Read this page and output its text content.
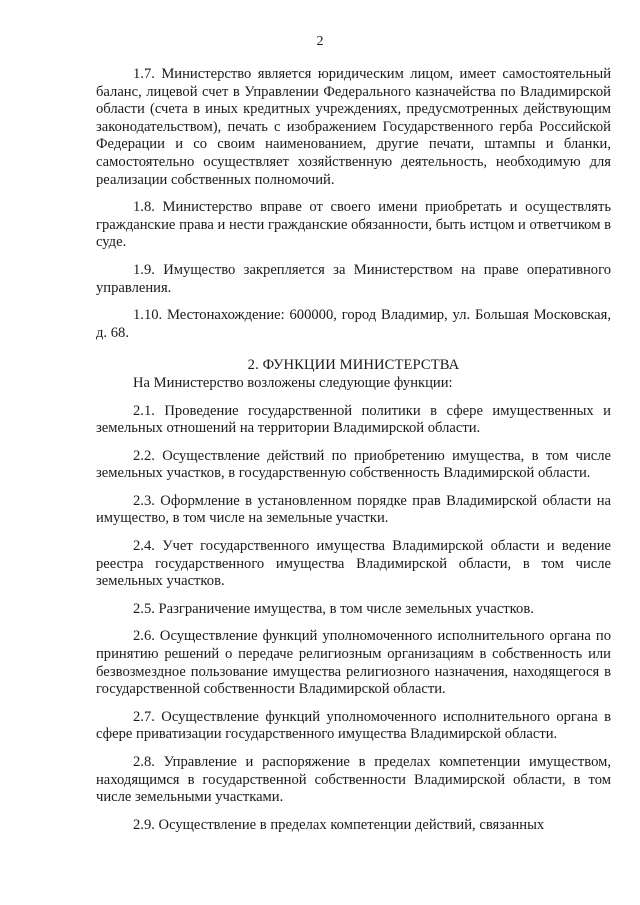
2

1.7. Министерство является юридическим лицом, имеет самостоятельный баланс, лицевой счет в Управлении Федерального казначейства по Владимирской области (счета в иных кредитных учреждениях, предусмотренных действующим законодательством), печать с изображением Государственного герба Российской Федерации и со своим наименованием, другие печати, штампы и бланки, самостоятельно осуществляет хозяйственную деятельность, необходимую для реализации собственных полномочий.

1.8. Министерство вправе от своего имени приобретать и осуществлять гражданские права и нести гражданские обязанности, быть истцом и ответчиком в суде.

1.9. Имущество закрепляется за Министерством на праве оперативного управления.

1.10. Местонахождение: 600000, город Владимир, ул. Большая Московская, д. 68.

2. ФУНКЦИИ МИНИСТЕРСТВА

На Министерство возложены следующие функции:

2.1. Проведение государственной политики в сфере имущественных и земельных отношений на территории Владимирской области.

2.2. Осуществление действий по приобретению имущества, в том числе земельных участков, в государственную собственность Владимирской области.

2.3. Оформление в установленном порядке прав Владимирской области на имущество, в том числе на земельные участки.

2.4. Учет государственного имущества Владимирской области и ведение реестра государственного имущества Владимирской области, в том числе земельных участков.

2.5. Разграничение имущества, в том числе земельных участков.

2.6. Осуществление функций уполномоченного исполнительного органа по принятию решений о передаче религиозным организациям в собственность или безвозмездное пользование имущества религиозного назначения, находящегося в государственной собственности Владимирской области.

2.7. Осуществление функций уполномоченного исполнительного органа в сфере приватизации государственного имущества Владимирской области.

2.8. Управление и распоряжение в пределах компетенции имуществом, находящимся в государственной собственности Владимирской области, в том числе земельными участками.

2.9. Осуществление в пределах компетенции действий, связанных
